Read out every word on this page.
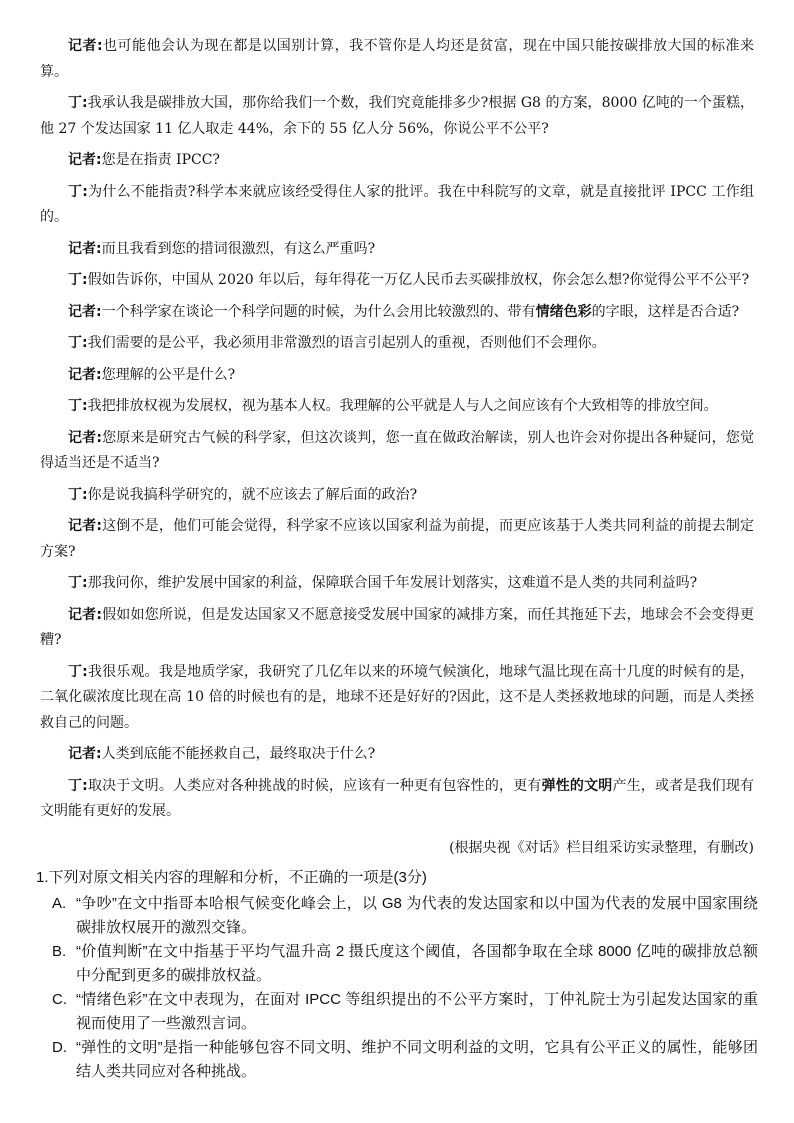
记者:也可能他会认为现在都是以国别计算，我不管你是人均还是贫富，现在中国只能按碳排放大国的标准来算。

丁:我承认我是碳排放大国，那你给我们一个数，我们究竟能排多少?根据 G8 的方案，8000 亿吨的一个蛋糕，他 27 个发达国家 11 亿人取走 44%，余下的 55 亿人分 56%，你说公平不公平?

记者:您是在指责 IPCC?

丁:为什么不能指责?科学本来就应该经受得住人家的批评。我在中科院写的文章，就是直接批评 IPCC 工作组的。

记者:而且我看到您的措词很激烈，有这么严重吗?

丁:假如告诉你，中国从 2020 年以后，每年得花一万亿人民币去买碳排放权，你会怎么想?你觉得公平不公平?

记者:一个科学家在谈论一个科学问题的时候，为什么会用比较激烈的、带有情绪色彩的字眼，这样是否合适?

丁:我们需要的是公平，我必须用非常激烈的语言引起别人的重视，否则他们不会理你。

记者:您理解的公平是什么?

丁:我把排放权视为发展权，视为基本人权。我理解的公平就是人与人之间应该有个大致相等的排放空间。

记者:您原来是研究古气候的科学家，但这次谈判，您一直在做政治解读，别人也许会对你提出各种疑问，您觉得适当还是不适当?

丁:你是说我搞科学研究的，就不应该去了解后面的政治?

记者:这倒不是，他们可能会觉得，科学家不应该以国家利益为前提，而更应该基于人类共同利益的前提去制定方案?

丁:那我问你，维护发展中国家的利益，保障联合国千年发展计划落实，这难道不是人类的共同利益吗?

记者:假如如您所说，但是发达国家又不愿意接受发展中国家的减排方案，而任其拖延下去，地球会不会变得更糟?

丁:我很乐观。我是地质学家，我研究了几亿年以来的环境气候演化，地球气温比现在高十几度的时候有的是，二氧化碳浓度比现在高 10 倍的时候也有的是，地球不还是好好的?因此，这不是人类拯救地球的问题，而是人类拯救自己的问题。

记者:人类到底能不能拯救自己，最终取决于什么?

丁:取决于文明。人类应对各种挑战的时候，应该有一种更有包容性的，更有弹性的文明产生，或者是我们现有文明能有更好的发展。

(根据央视《对话》栏目组采访实录整理，有删改)
1.下列对原文相关内容的理解和分析，不正确的一项是(3分)
A. “争吵”在文中指哥本哈根气候变化峰会上，以 G8 为代表的发达国家和以中国为代表的发展中国家围绕碳排放权展开的激烈交锋。
B. “价值判断”在文中指基于平均气温升高 2 摄氏度这个阈值，各国都争取在全球 8000 亿吨的碳排放总额中分配到更多的碳排放权益。
C. “情绪色彩”在文中表现为，在面对 IPCC 等组织提出的不公平方案时，丁仲礼院士为引起发达国家的重视而使用了一些激烈言词。
D. “弹性的文明”是指一种能够包容不同文明、维护不同文明利益的文明，它具有公平正义的属性，能够团结人类共同应对各种挑战。
